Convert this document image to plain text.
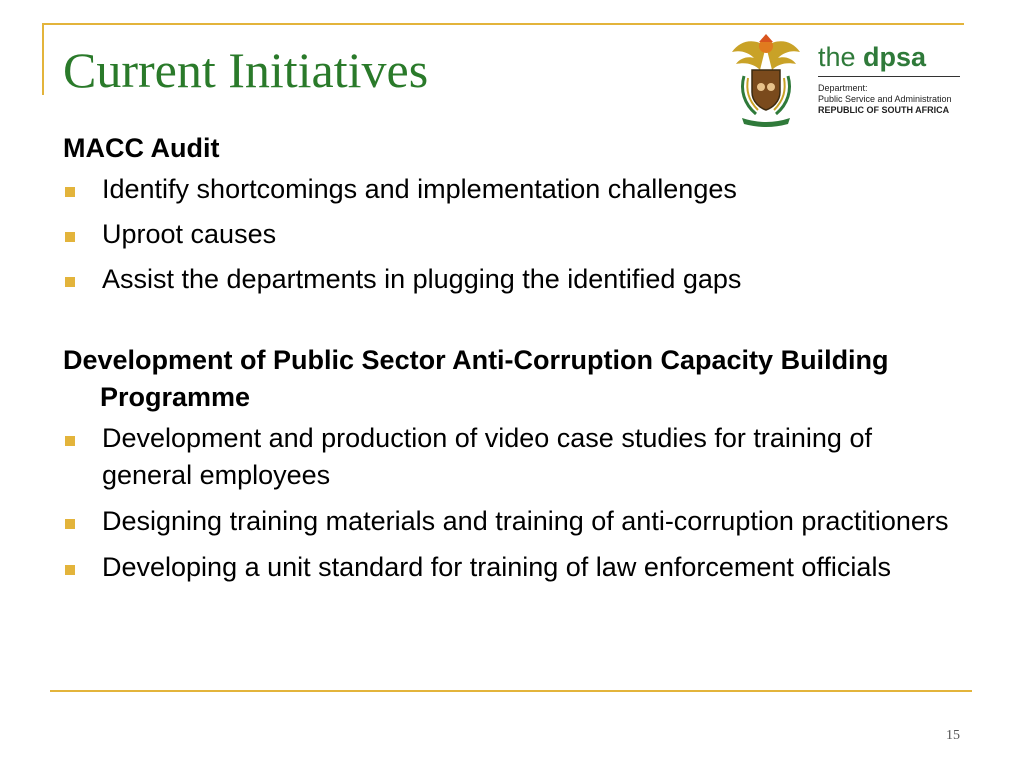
Current Initiatives	the dpsa
Department:
Public Service and Administration
REPUBLIC OF SOUTH AFRICA

MACC Audit

Identify shortcomings and implementation challenges
Uproot causes
Assist the departments in plugging the identified gaps

Development of Public Sector Anti-Corruption Capacity Building Programme

Development and production of video case studies for training of general employees
Designing training materials and training of anti-corruption practitioners
Developing a unit standard for training of law enforcement officials
15
